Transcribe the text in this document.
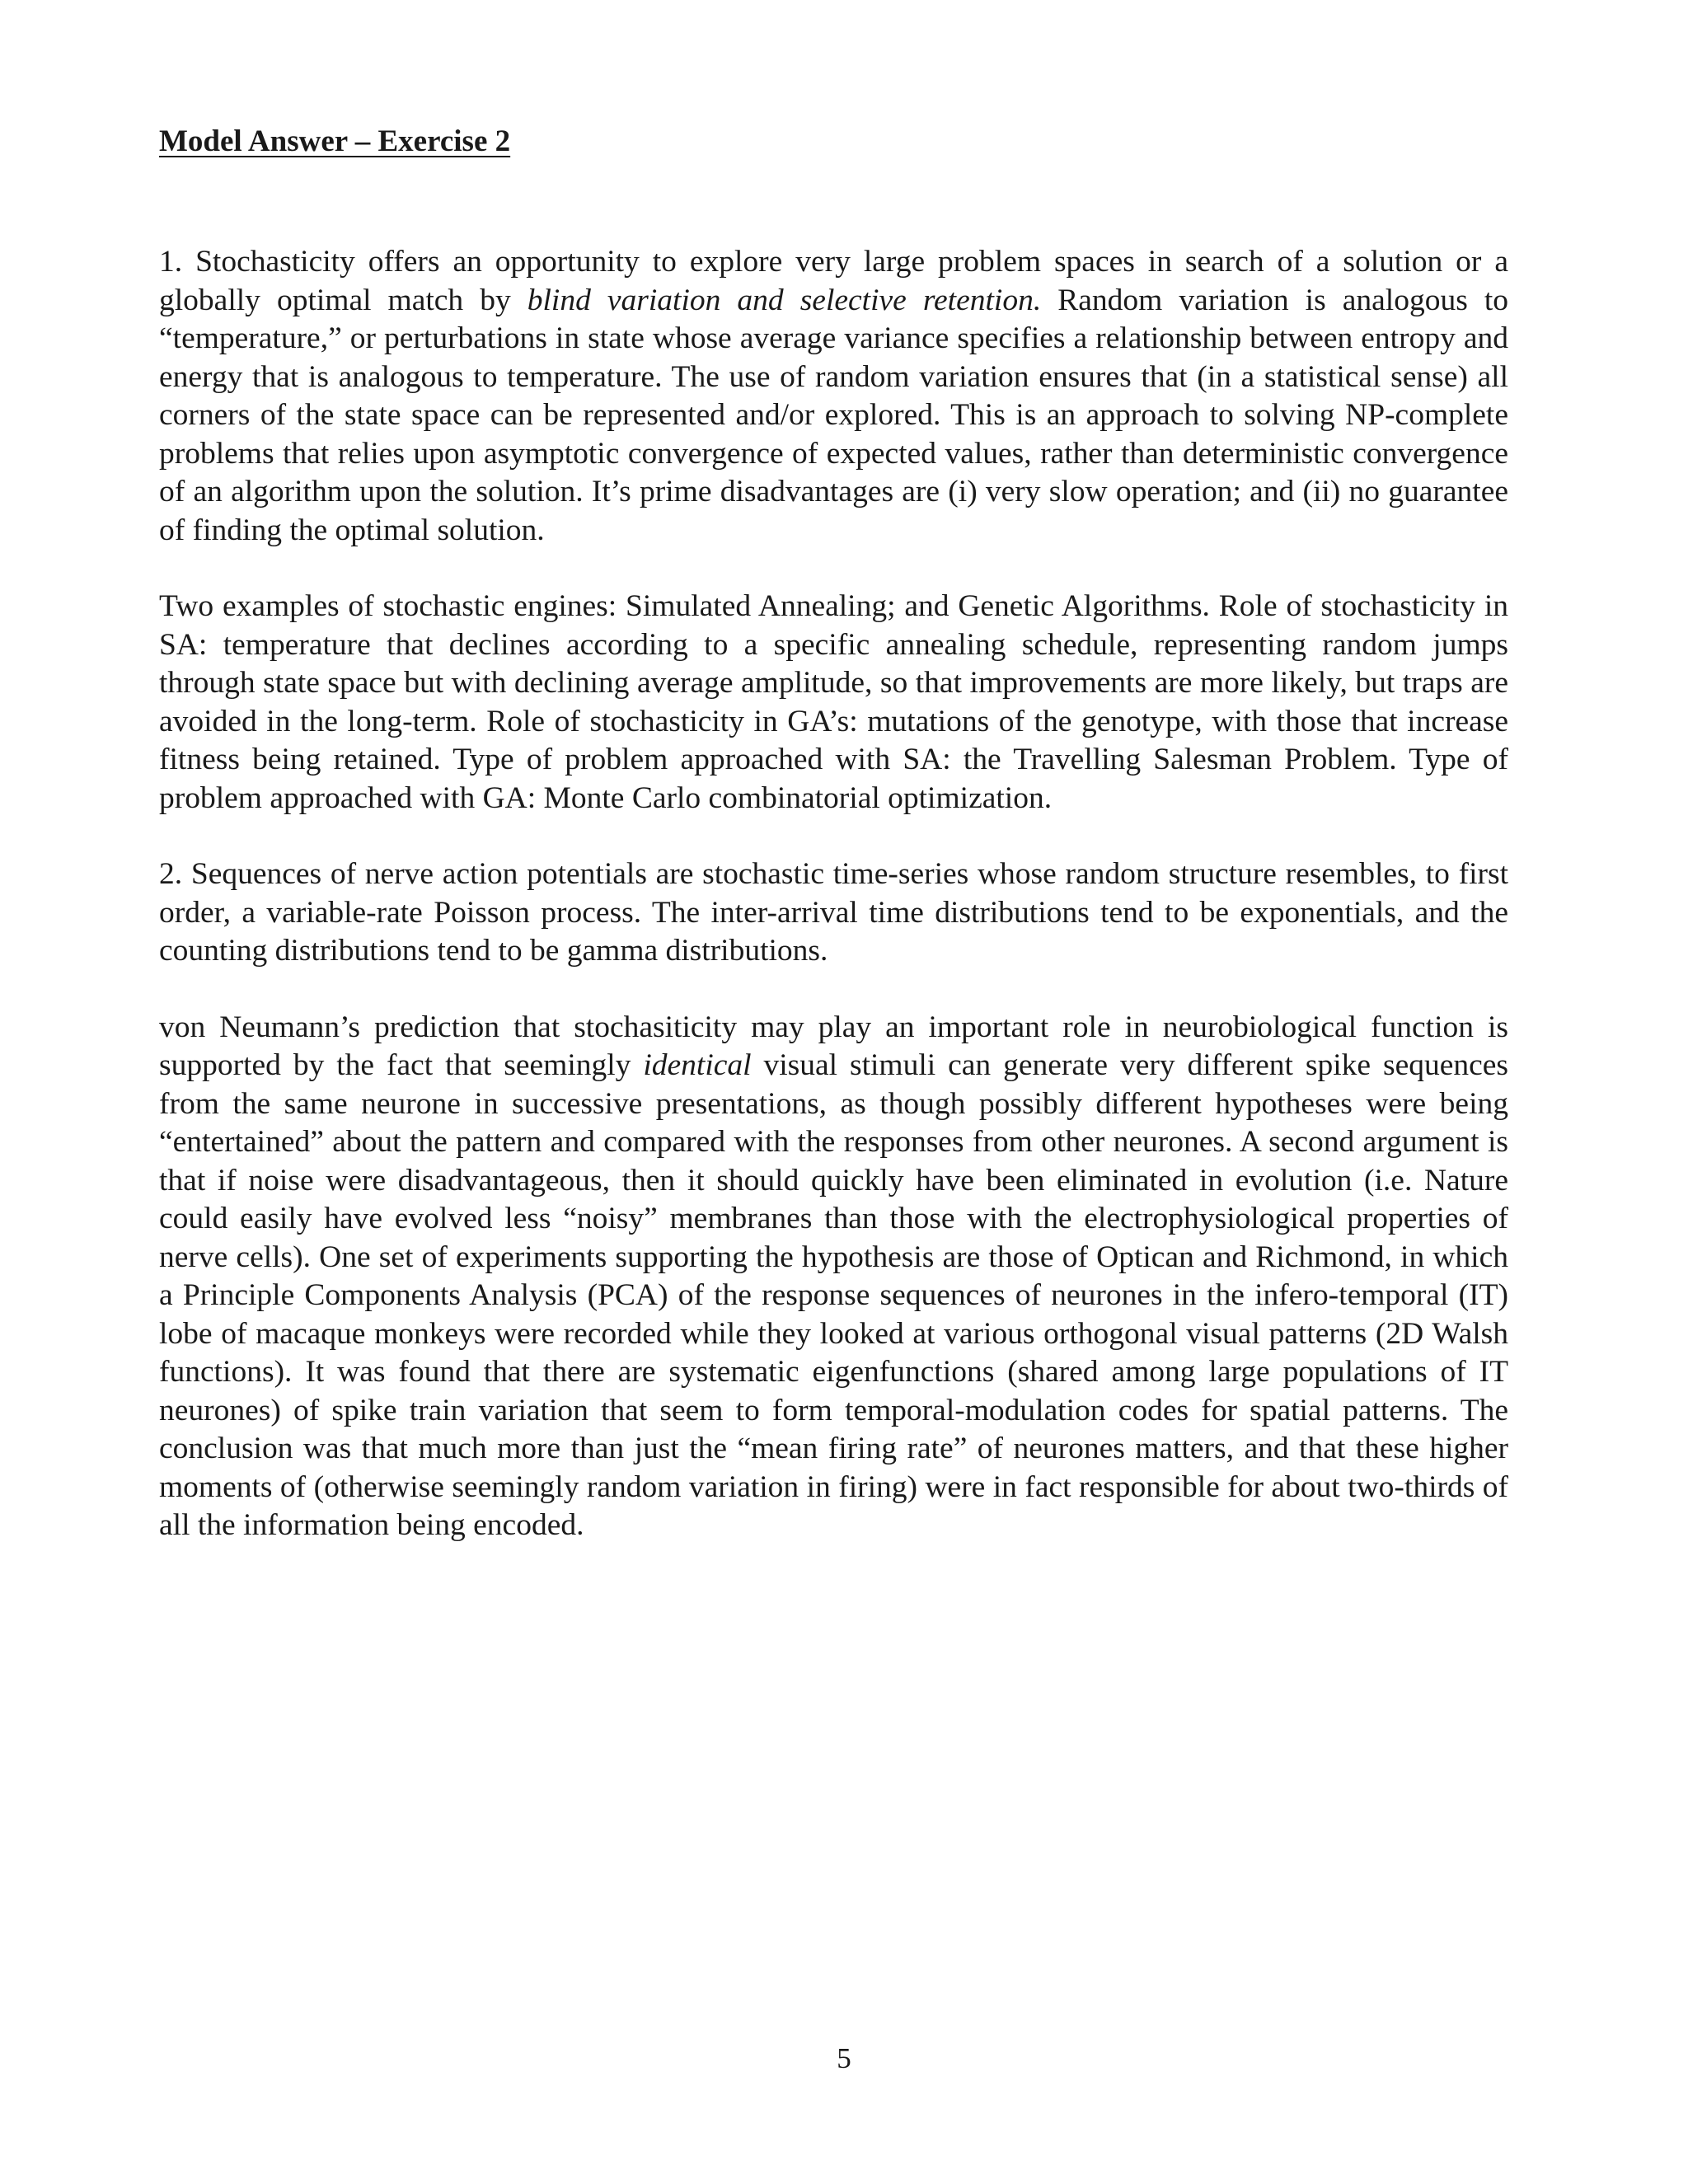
Model Answer – Exercise 2

1. Stochasticity offers an opportunity to explore very large problem spaces in search of a solution or a globally optimal match by blind variation and selective retention. Random variation is analogous to “temperature,” or perturbations in state whose average variance specifies a relationship between entropy and energy that is analogous to temperature. The use of random variation ensures that (in a statistical sense) all corners of the state space can be represented and/or explored. This is an approach to solving NP-complete problems that relies upon asymptotic convergence of expected values, rather than deterministic convergence of an algorithm upon the solution. It’s prime disadvantages are (i) very slow operation; and (ii) no guarantee of finding the optimal solution.

Two examples of stochastic engines: Simulated Annealing; and Genetic Algorithms. Role of stochasticity in SA: temperature that declines according to a specific annealing schedule, representing random jumps through state space but with declining average amplitude, so that improvements are more likely, but traps are avoided in the long-term. Role of stochasticity in GA’s: mutations of the genotype, with those that increase fitness being retained. Type of problem approached with SA: the Travelling Salesman Problem. Type of problem approached with GA: Monte Carlo combinatorial optimization.

2. Sequences of nerve action potentials are stochastic time-series whose random structure resembles, to first order, a variable-rate Poisson process. The inter-arrival time distributions tend to be exponentials, and the counting distributions tend to be gamma distributions.

von Neumann’s prediction that stochasiticity may play an important role in neurobiological function is supported by the fact that seemingly identical visual stimuli can generate very different spike sequences from the same neurone in successive presentations, as though possibly different hypotheses were being “entertained” about the pattern and compared with the responses from other neurones. A second argument is that if noise were disadvantageous, then it should quickly have been eliminated in evolution (i.e. Nature could easily have evolved less “noisy” membranes than those with the electrophysiological properties of nerve cells). One set of experiments supporting the hypothesis are those of Optican and Richmond, in which a Principle Components Analysis (PCA) of the response sequences of neurones in the infero-temporal (IT) lobe of macaque monkeys were recorded while they looked at various orthogonal visual patterns (2D Walsh functions). It was found that there are systematic eigenfunctions (shared among large populations of IT neurones) of spike train variation that seem to form temporal-modulation codes for spatial patterns. The conclusion was that much more than just the “mean firing rate” of neurones matters, and that these higher moments of (otherwise seemingly random variation in firing) were in fact responsible for about two-thirds of all the information being encoded.

5
